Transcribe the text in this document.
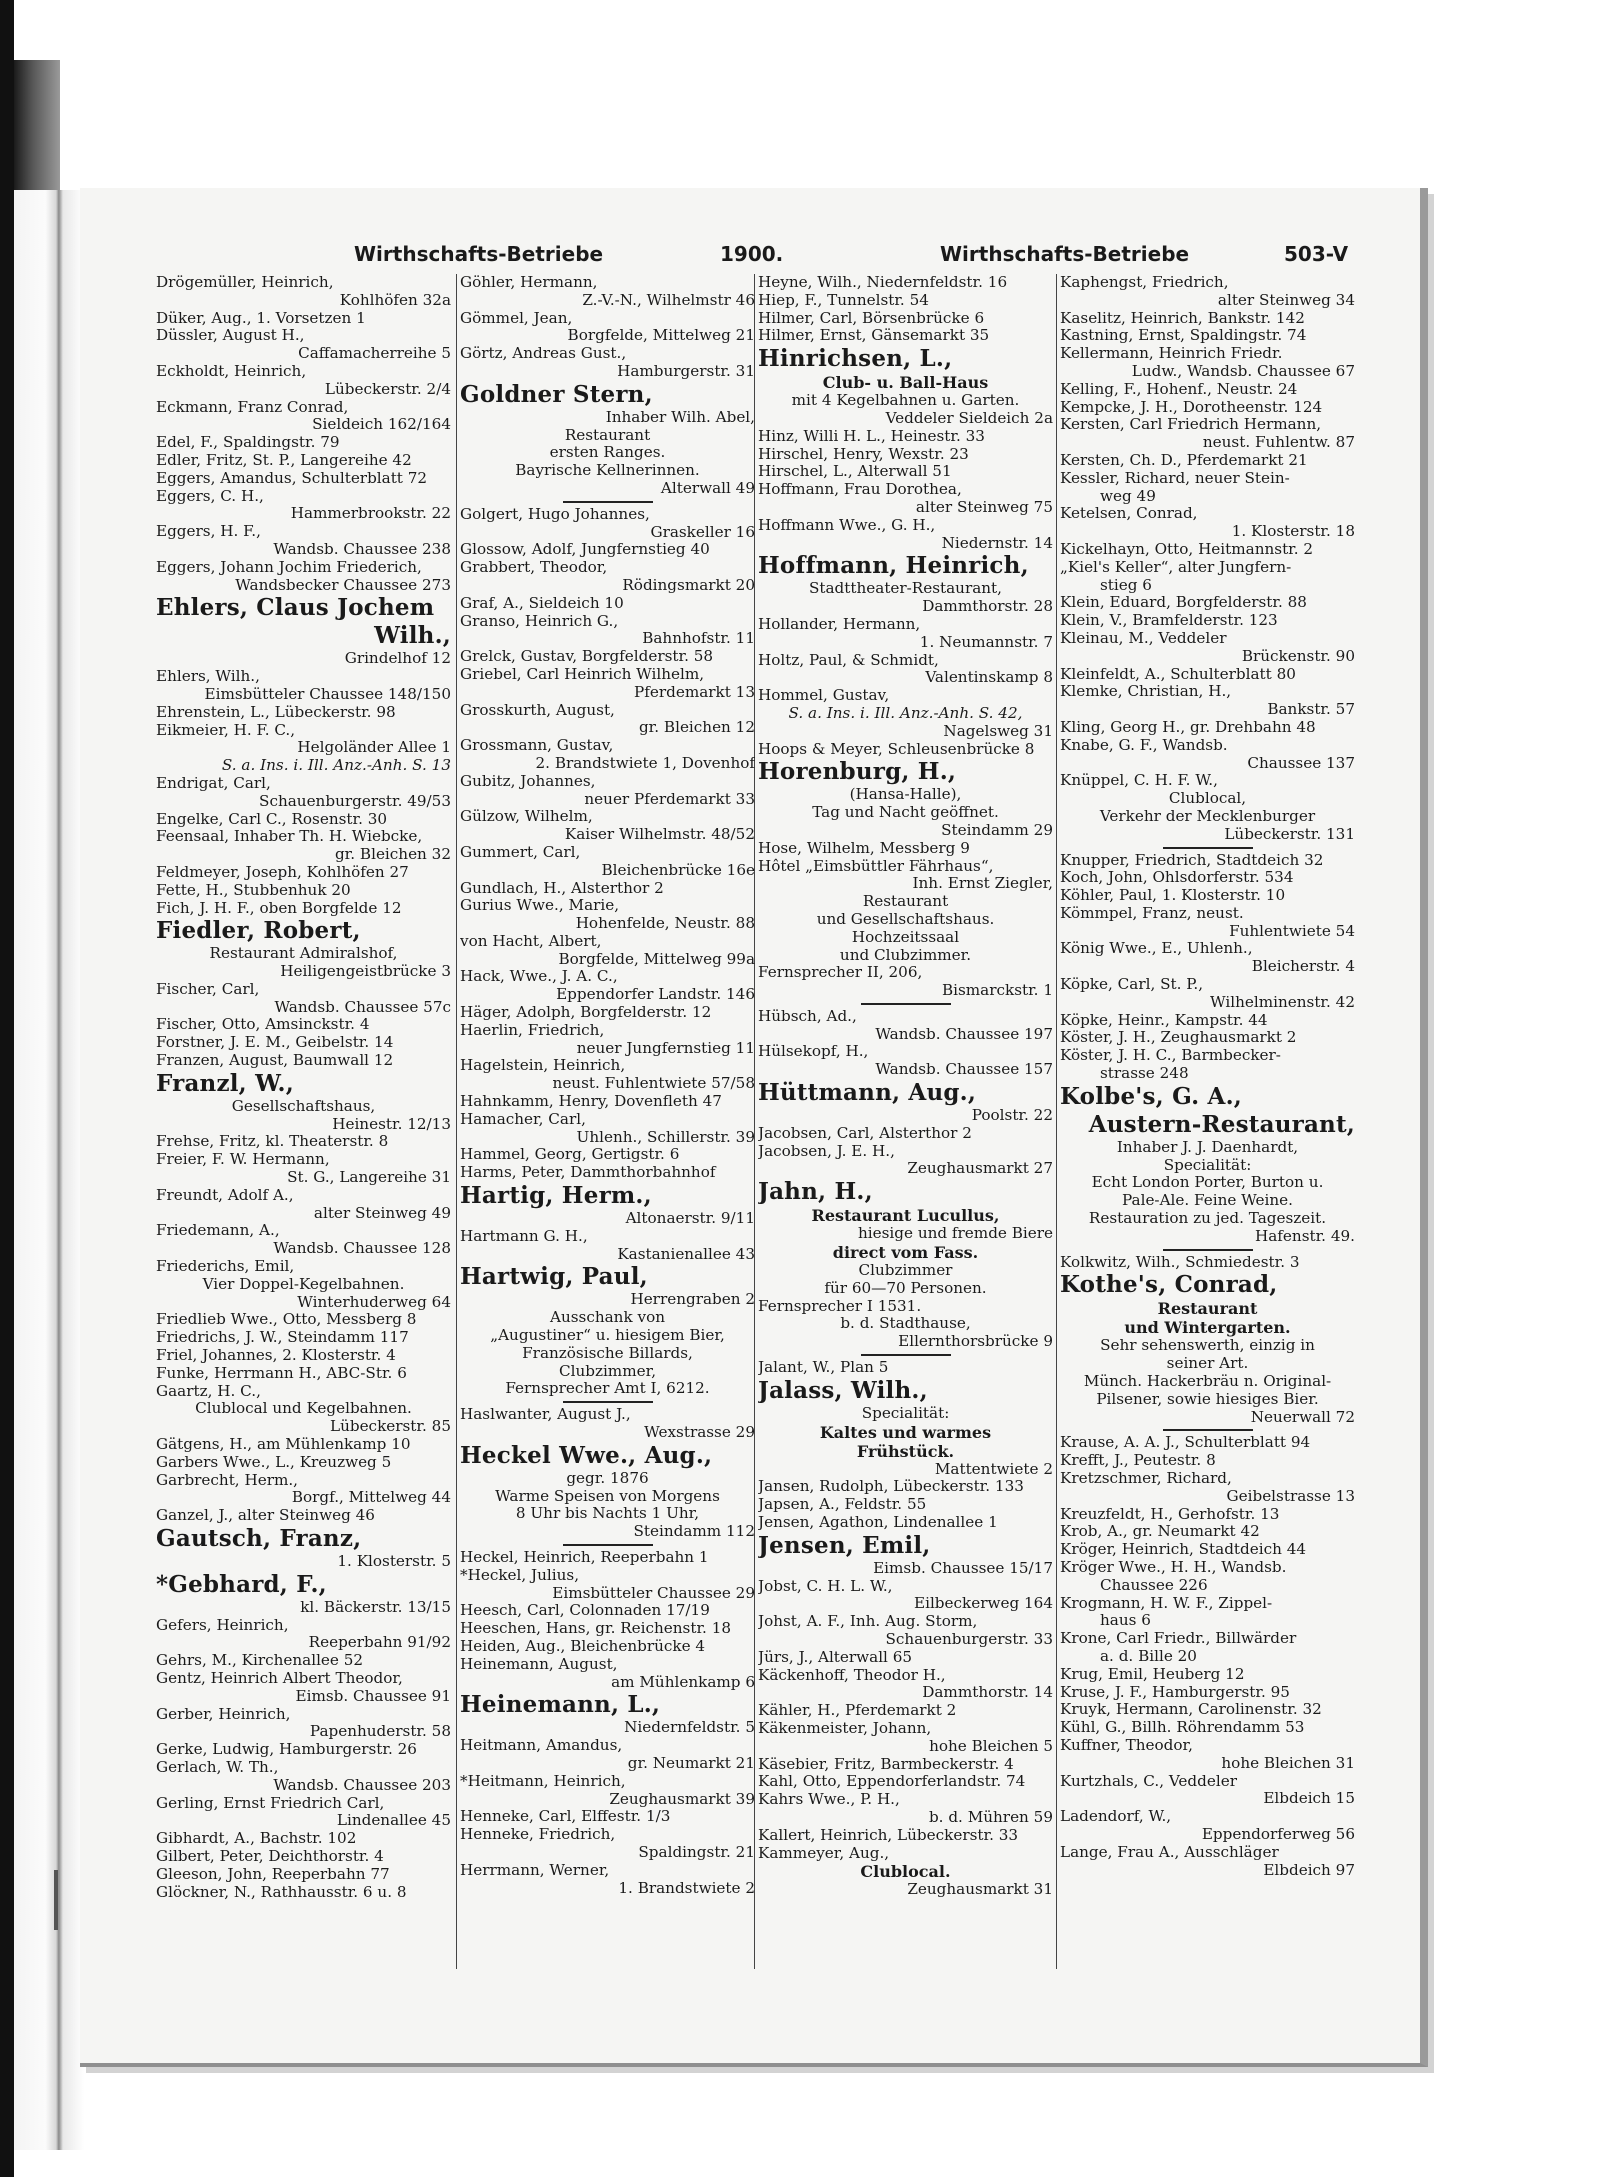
Wirthschafts-Betriebe	1900.	Wirthschafts-Betriebe	503-V
Drögemüller, Heinrich,
Kohlhöfen 32a
Düker, Aug., 1. Vorsetzen 1
Düssler, August H.,
Caffamacherreihe 5
Eckholdt, Heinrich,
Lübeckerstr. 2/4
Eckmann, Franz Conrad,
Sieldeich 162/164
Edel, F., Spaldingstr. 79
Edler, Fritz, St. P., Langereihe 42
Eggers, Amandus, Schulterblatt 72
Eggers, C. H.,
Hammerbrookstr. 22
Eggers, H. F.,
Wandsb. Chaussee 238
Eggers, Johann Jochim Friederich,
Wandsbecker Chaussee 273
Ehlers, Claus Jochem
Wilh.,
Grindelhof 12
Ehlers, Wilh.,
Eimsbütteler Chaussee 148/150
Ehrenstein, L., Lübeckerstr. 98
Eikmeier, H. F. C.,
Helgoländer Allee 1
S. a. Ins. i. Ill. Anz.-Anh. S. 13
Endrigat, Carl,
Schauenburgerstr. 49/53
Engelke, Carl C., Rosenstr. 30
Feensaal, Inhaber Th. H. Wiebcke,
gr. Bleichen 32
Feldmeyer, Joseph, Kohlhöfen 27
Fette, H., Stubbenhuk 20
Fich, J. H. F., oben Borgfelde 12
Fiedler, Robert,
Restaurant Admiralshof,
Heiligengeistbrücke 3
Fischer, Carl,
Wandsb. Chaussee 57c
Fischer, Otto, Amsinckstr. 4
Forstner, J. E. M., Geibelstr. 14
Franzen, August, Baumwall 12
Franzl, W.,
Gesellschaftshaus,
Heinestr. 12/13
Frehse, Fritz, kl. Theaterstr. 8
Freier, F. W. Hermann,
St. G., Langereihe 31
Freundt, Adolf A.,
alter Steinweg 49
Friedemann, A.,
Wandsb. Chaussee 128
Friederichs, Emil,
Vier Doppel-Kegelbahnen.
Winterhuderweg 64
Friedlieb Wwe., Otto, Messberg 8
Friedrichs, J. W., Steindamm 117
Friel, Johannes, 2. Klosterstr. 4
Funke, Herrmann H., ABC-Str. 6
Gaartz, H. C.,
Clublocal und Kegelbahnen.
Lübeckerstr. 85
Gätgens, H., am Mühlenkamp 10
Garbers Wwe., L., Kreuzweg 5
Garbrecht, Herm.,
Borgf., Mittelweg 44
Ganzel, J., alter Steinweg 46
Gautsch, Franz,
1. Klosterstr. 5
*Gebhard, F.,
kl. Bäckerstr. 13/15
Gefers, Heinrich,
Reeperbahn 91/92
Gehrs, M., Kirchenallee 52
Gentz, Heinrich Albert Theodor,
Eimsb. Chaussee 91
Gerber, Heinrich,
Papenhuderstr. 58
Gerke, Ludwig, Hamburgerstr. 26
Gerlach, W. Th.,
Wandsb. Chaussee 203
Gerling, Ernst Friedrich Carl,
Lindenallee 45
Gibhardt, A., Bachstr. 102
Gilbert, Peter, Deichthorstr. 4
Gleeson, John, Reeperbahn 77
Glöckner, N., Rathhausstr. 6 u. 8
Göhler, Hermann,
Z.-V.-N., Wilhelmstr 46
Gömmel, Jean,
Borgfelde, Mittelweg 21
Görtz, Andreas Gust.,
Hamburgerstr. 31
Goldner Stern,
Inhaber Wilh. Abel,
Restaurant
ersten Ranges.
Bayrische Kellnerinnen.
Alterwall 49
Golgert, Hugo Johannes,
Graskeller 16
Glossow, Adolf, Jungfernstieg 40
Grabbert, Theodor,
Rödingsmarkt 20
Graf, A., Sieldeich 10
Granso, Heinrich G.,
Bahnhofstr. 11
Grelck, Gustav, Borgfelderstr. 58
Griebel, Carl Heinrich Wilhelm,
Pferdemarkt 13
Grosskurth, August,
gr. Bleichen 12
Grossmann, Gustav,
2. Brandstwiete 1, Dovenhof
Gubitz, Johannes,
neuer Pferdemarkt 33
Gülzow, Wilhelm,
Kaiser Wilhelmstr. 48/52
Gummert, Carl,
Bleichenbrücke 16e
Gundlach, H., Alsterthor 2
Gurius Wwe., Marie,
Hohenfelde, Neustr. 88
von Hacht, Albert,
Borgfelde, Mittelweg 99a
Hack, Wwe., J. A. C.,
Eppendorfer Landstr. 146
Häger, Adolph, Borgfelderstr. 12
Haerlin, Friedrich,
neuer Jungfernstieg 11
Hagelstein, Heinrich,
neust. Fuhlentwiete 57/58
Hahnkamm, Henry, Dovenfleth 47
Hamacher, Carl,
Uhlenh., Schillerstr. 39
Hammel, Georg, Gertigstr. 6
Harms, Peter, Dammthorbahnhof
Hartig, Herm.,
Altonaerstr. 9/11
Hartmann G. H.,
Kastanienallee 43
Hartwig, Paul,
Herrengraben 2
Ausschank von
„Augustiner“ u. hiesigem Bier,
Französische Billards,
Clubzimmer,
Fernsprecher Amt I, 6212.
Haslwanter, August J.,
Wexstrasse 29
Heckel Wwe., Aug.,
gegr. 1876
Warme Speisen von Morgens
8 Uhr bis Nachts 1 Uhr,
Steindamm 112
Heckel, Heinrich, Reeperbahn 1
*Heckel, Julius,
Eimsbütteler Chaussee 29
Heesch, Carl, Colonnaden 17/19
Heeschen, Hans, gr. Reichenstr. 18
Heiden, Aug., Bleichenbrücke 4
Heinemann, August,
am Mühlenkamp 6
Heinemann, L.,
Niedernfeldstr. 5
Heitmann, Amandus,
gr. Neumarkt 21
*Heitmann, Heinrich,
Zeughausmarkt 39
Henneke, Carl, Elffestr. 1/3
Henneke, Friedrich,
Spaldingstr. 21
Herrmann, Werner,
1. Brandstwiete 2
Heyne, Wilh., Niedernfeldstr. 16
Hiep, F., Tunnelstr. 54
Hilmer, Carl, Börsenbrücke 6
Hilmer, Ernst, Gänsemarkt 35
Hinrichsen, L.,
Club- u. Ball-Haus
mit 4 Kegelbahnen u. Garten.
Veddeler Sieldeich 2a
Hinz, Willi H. L., Heinestr. 33
Hirschel, Henry, Wexstr. 23
Hirschel, L., Alterwall 51
Hoffmann, Frau Dorothea,
alter Steinweg 75
Hoffmann Wwe., G. H.,
Niedernstr. 14
Hoffmann, Heinrich,
Stadttheater-Restaurant,
Dammthorstr. 28
Hollander, Hermann,
1. Neumannstr. 7
Holtz, Paul, & Schmidt,
Valentinskamp 8
Hommel, Gustav,
S. a. Ins. i. Ill. Anz.-Anh. S. 42,
Nagelsweg 31
Hoops & Meyer, Schleusenbrücke 8
Horenburg, H.,
(Hansa-Halle),
Tag und Nacht geöffnet.
Steindamm 29
Hose, Wilhelm, Messberg 9
Hôtel „Eimsbüttler Fährhaus“,
Inh. Ernst Ziegler,
Restaurant
und Gesellschaftshaus.
Hochzeitssaal
und Clubzimmer.
Fernsprecher II, 206,
Bismarckstr. 1
Hübsch, Ad.,
Wandsb. Chaussee 197
Hülsekopf, H.,
Wandsb. Chaussee 157
Hüttmann, Aug.,
Poolstr. 22
Jacobsen, Carl, Alsterthor 2
Jacobsen, J. E. H.,
Zeughausmarkt 27
Jahn, H.,
Restaurant Lucullus,
hiesige und fremde Biere
direct vom Fass.
Clubzimmer
für 60—70 Personen.
Fernsprecher I 1531.
b. d. Stadthause,
Ellernthorsbrücke 9
Jalant, W., Plan 5
Jalass, Wilh.,
Specialität:
Kaltes und warmes
Frühstück.
Mattentwiete 2
Jansen, Rudolph, Lübeckerstr. 133
Japsen, A., Feldstr. 55
Jensen, Agathon, Lindenallee 1
Jensen, Emil,
Eimsb. Chaussee 15/17
Jobst, C. H. L. W.,
Eilbeckerweg 164
Johst, A. F., Inh. Aug. Storm,
Schauenburgerstr. 33
Jürs, J., Alterwall 65
Käckenhoff, Theodor H.,
Dammthorstr. 14
Kähler, H., Pferdemarkt 2
Käkenmeister, Johann,
hohe Bleichen 5
Käsebier, Fritz, Barmbeckerstr. 4
Kahl, Otto, Eppendorferlandstr. 74
Kahrs Wwe., P. H.,
b. d. Mühren 59
Kallert, Heinrich, Lübeckerstr. 33
Kammeyer, Aug.,
Clublocal.
Zeughausmarkt 31
Kaphengst, Friedrich,
alter Steinweg 34
Kaselitz, Heinrich, Bankstr. 142
Kastning, Ernst, Spaldingstr. 74
Kellermann, Heinrich Friedr.
Ludw., Wandsb. Chaussee 67
Kelling, F., Hohenf., Neustr. 24
Kempcke, J. H., Dorotheenstr. 124
Kersten, Carl Friedrich Hermann,
neust. Fuhlentw. 87
Kersten, Ch. D., Pferdemarkt 21
Kessler, Richard, neuer Stein-
weg 49
Ketelsen, Conrad,
1. Klosterstr. 18
Kickelhayn, Otto, Heitmannstr. 2
„Kiel's Keller“, alter Jungfern-
stieg 6
Klein, Eduard, Borgfelderstr. 88
Klein, V., Bramfelderstr. 123
Kleinau, M., Veddeler
Brückenstr. 90
Kleinfeldt, A., Schulterblatt 80
Klemke, Christian, H.,
Bankstr. 57
Kling, Georg H., gr. Drehbahn 48
Knabe, G. F., Wandsb.
Chaussee 137
Knüppel, C. H. F. W.,
Clublocal,
Verkehr der Mecklenburger
Lübeckerstr. 131
Knupper, Friedrich, Stadtdeich 32
Koch, John, Ohlsdorferstr. 534
Köhler, Paul, 1. Klosterstr. 10
Kömmpel, Franz, neust.
Fuhlentwiete 54
König Wwe., E., Uhlenh.,
Bleicherstr. 4
Köpke, Carl, St. P.,
Wilhelminenstr. 42
Köpke, Heinr., Kampstr. 44
Köster, J. H., Zeughausmarkt 2
Köster, J. H. C., Barmbecker-
strasse 248
Kolbe's, G. A.,
Austern-Restaurant,
Inhaber J. J. Daenhardt,
Specialität:
Echt London Porter, Burton u.
Pale-Ale. Feine Weine.
Restauration zu jed. Tageszeit.
Hafenstr. 49.
Kolkwitz, Wilh., Schmiedestr. 3
Kothe's, Conrad,
Restaurant
und Wintergarten.
Sehr sehenswerth, einzig in
seiner Art.
Münch. Hackerbräu n. Original-
Pilsener, sowie hiesiges Bier.
Neuerwall 72
Krause, A. A. J., Schulterblatt 94
Krefft, J., Peutestr. 8
Kretzschmer, Richard,
Geibelstrasse 13
Kreuzfeldt, H., Gerhofstr. 13
Krob, A., gr. Neumarkt 42
Kröger, Heinrich, Stadtdeich 44
Kröger Wwe., H. H., Wandsb.
Chaussee 226
Krogmann, H. W. F., Zippel-
haus 6
Krone, Carl Friedr., Billwärder
a. d. Bille 20
Krug, Emil, Heuberg 12
Kruse, J. F., Hamburgerstr. 95
Kruyk, Hermann, Carolinenstr. 32
Kühl, G., Billh. Röhrendamm 53
Kuffner, Theodor,
hohe Bleichen 31
Kurtzhals, C., Veddeler
Elbdeich 15
Ladendorf, W.,
Eppendorferweg 56
Lange, Frau A., Ausschläger
Elbdeich 97
